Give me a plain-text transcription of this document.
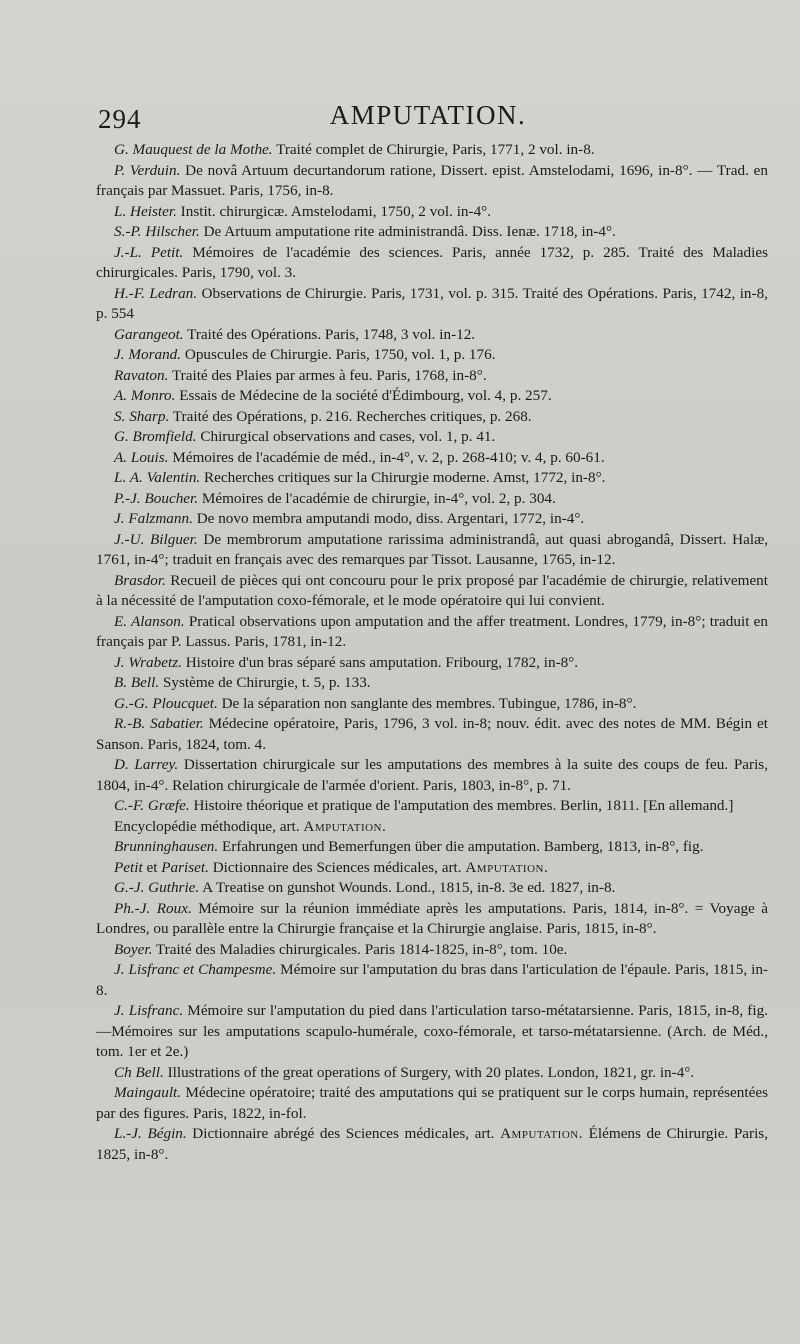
294	AMPUTATION.

G. Mauquest de la Mothe. Traité complet de Chirurgie, Paris, 1771, 2 vol. in-8.

P. Verduin. De novâ Artuum decurtandorum ratione, Dissert. epist. Amstelodami, 1696, in-8°. — Trad. en français par Massuet. Paris, 1756, in-8.

L. Heister. Instit. chirurgicæ. Amstelodami, 1750, 2 vol. in-4°.

S.-P. Hilscher. De Artuum amputatione rite administrandâ. Diss. Ienæ. 1718, in-4°.

J.-L. Petit. Mémoires de l'académie des sciences. Paris, année 1732, p. 285. Traité des Maladies chirurgicales. Paris, 1790, vol. 3.

H.-F. Ledran. Observations de Chirurgie. Paris, 1731, vol. p. 315. Traité des Opérations. Paris, 1742, in-8, p. 554

Garangeot. Traité des Opérations. Paris, 1748, 3 vol. in-12.

J. Morand. Opuscules de Chirurgie. Paris, 1750, vol. 1, p. 176.

Ravaton. Traité des Plaies par armes à feu. Paris, 1768, in-8°.

A. Monro. Essais de Médecine de la société d'Édimbourg, vol. 4, p. 257.

S. Sharp. Traité des Opérations, p. 216. Recherches critiques, p. 268.

G. Bromfield. Chirurgical observations and cases, vol. 1, p. 41.

A. Louis. Mémoires de l'académie de méd., in-4°, v. 2, p. 268-410; v. 4, p. 60-61.

L. A. Valentin. Recherches critiques sur la Chirurgie moderne. Amst, 1772, in-8°.

P.-J. Boucher. Mémoires de l'académie de chirurgie, in-4°, vol. 2, p. 304.

J. Falzmann. De novo membra amputandi modo, diss. Argentari, 1772, in-4°.

J.-U. Bilguer. De membrorum amputatione rarissima administrandâ, aut quasi abrogandâ, Dissert. Halæ, 1761, in-4°; traduit en français avec des remarques par Tissot. Lausanne, 1765, in-12.

Brasdor. Recueil de pièces qui ont concouru pour le prix proposé par l'académie de chirurgie, relativement à la nécessité de l'amputation coxo-fémorale, et le mode opératoire qui lui convient.

E. Alanson. Pratical observations upon amputation and the affer treatment. Londres, 1779, in-8°; traduit en français par P. Lassus. Paris, 1781, in-12.

J. Wrabetz. Histoire d'un bras séparé sans amputation. Fribourg, 1782, in-8°.

B. Bell. Système de Chirurgie, t. 5, p. 133.

G.-G. Ploucquet. De la séparation non sanglante des membres. Tubingue, 1786, in-8°.

R.-B. Sabatier. Médecine opératoire, Paris, 1796, 3 vol. in-8; nouv. édit. avec des notes de MM. Bégin et Sanson. Paris, 1824, tom. 4.

D. Larrey. Dissertation chirurgicale sur les amputations des membres à la suite des coups de feu. Paris, 1804, in-4°. Relation chirurgicale de l'armée d'orient. Paris, 1803, in-8°, p. 71.

C.-F. Græfe. Histoire théorique et pratique de l'amputation des membres. Berlin, 1811. [En allemand.]

Encyclopédie méthodique, art. Amputation.

Brunninghausen. Erfahrungen und Bemerfungen über die amputation. Bamberg, 1813, in-8°, fig.

Petit et Pariset. Dictionnaire des Sciences médicales, art. Amputation.

G.-J. Guthrie. A Treatise on gunshot Wounds. Lond., 1815, in-8. 3e ed. 1827, in-8.

Ph.-J. Roux. Mémoire sur la réunion immédiate après les amputations. Paris, 1814, in-8°. = Voyage à Londres, ou parallèle entre la Chirurgie française et la Chirurgie anglaise. Paris, 1815, in-8°.

Boyer. Traité des Maladies chirurgicales. Paris 1814-1825, in-8°, tom. 10e.

J. Lisfranc et Champesme. Mémoire sur l'amputation du bras dans l'articulation de l'épaule. Paris, 1815, in-8.

J. Lisfranc. Mémoire sur l'amputation du pied dans l'articulation tarso-métatarsienne. Paris, 1815, in-8, fig.—Mémoires sur les amputations scapulo-humérale, coxo-fémorale, et tarso-métatarsienne. (Arch. de Méd., tom. 1er et 2e.)

Ch Bell. Illustrations of the great operations of Surgery, with 20 plates. London, 1821, gr. in-4°.

Maingault. Médecine opératoire; traité des amputations qui se pratiquent sur le corps humain, représentées par des figures. Paris, 1822, in-fol.

L.-J. Bégin. Dictionnaire abrégé des Sciences médicales, art. Amputation. Élémens de Chirurgie. Paris, 1825, in-8°.
